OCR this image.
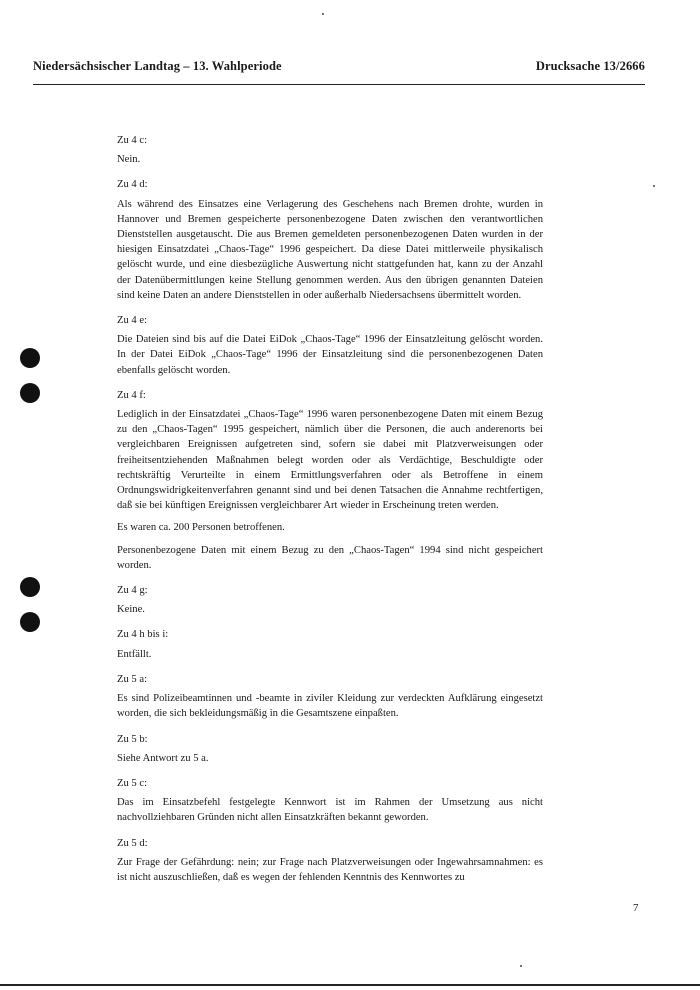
Niedersächsischer Landtag – 13. Wahlperiode	Drucksache 13/2666

Zu 4 c:

Nein.

Zu 4 d:

Als während des Einsatzes eine Verlagerung des Geschehens nach Bremen drohte, wurden in Hannover und Bremen gespeicherte personenbezogene Daten zwischen den verantwortlichen Dienststellen ausgetauscht. Die aus Bremen gemeldeten personenbezogenen Daten wurden in der hiesigen Einsatzdatei „Chaos-Tage“ 1996 gespeichert. Da diese Datei mittlerweile physikalisch gelöscht wurde, und eine diesbezügliche Auswertung nicht stattgefunden hat, kann zu der Anzahl der Datenübermittlungen keine Stellung genommen werden. Aus den übrigen genannten Dateien sind keine Daten an andere Dienststellen in oder außerhalb Niedersachsens übermittelt worden.

Zu 4 e:

Die Dateien sind bis auf die Datei EiDok „Chaos-Tage“ 1996 der Einsatzleitung gelöscht worden. In der Datei EiDok „Chaos-Tage“ 1996 der Einsatzleitung sind die personenbezogenen Daten ebenfalls gelöscht worden.

Zu 4 f:

Lediglich in der Einsatzdatei „Chaos-Tage“ 1996 waren personenbezogene Daten mit einem Bezug zu den „Chaos-Tagen“ 1995 gespeichert, nämlich über die Personen, die auch anderenorts bei vergleichbaren Ereignissen aufgetreten sind, sofern sie dabei mit Platzverweisungen oder freiheitsentziehenden Maßnahmen belegt worden oder als Verdächtige, Beschuldigte oder rechtskräftig Verurteilte in einem Ermittlungsverfahren oder als Betroffene in einem Ordnungswidrigkeitenverfahren genannt sind und bei denen Tatsachen die Annahme rechtfertigen, daß sie bei künftigen Ereignissen vergleichbarer Art wieder in Erscheinung treten werden.

Es waren ca. 200 Personen betroffenen.

Personenbezogene Daten mit einem Bezug zu den „Chaos-Tagen“ 1994 sind nicht gespeichert worden.

Zu 4 g:

Keine.

Zu 4 h bis i:

Entfällt.

Zu 5 a:

Es sind Polizeibeamtinnen und -beamte in ziviler Kleidung zur verdeckten Aufklärung eingesetzt worden, die sich bekleidungsmäßig in die Gesamtszene einpaßten.

Zu 5 b:

Siehe Antwort zu 5 a.

Zu 5 c:

Das im Einsatzbefehl festgelegte Kennwort ist im Rahmen der Umsetzung aus nicht nachvollziehbaren Gründen nicht allen Einsatzkräften bekannt geworden.

Zu 5 d:

Zur Frage der Gefährdung: nein; zur Frage nach Platzverweisungen oder Ingewahrsamnahmen: es ist nicht auszuschließen, daß es wegen der fehlenden Kenntnis des Kennwortes zu

7
